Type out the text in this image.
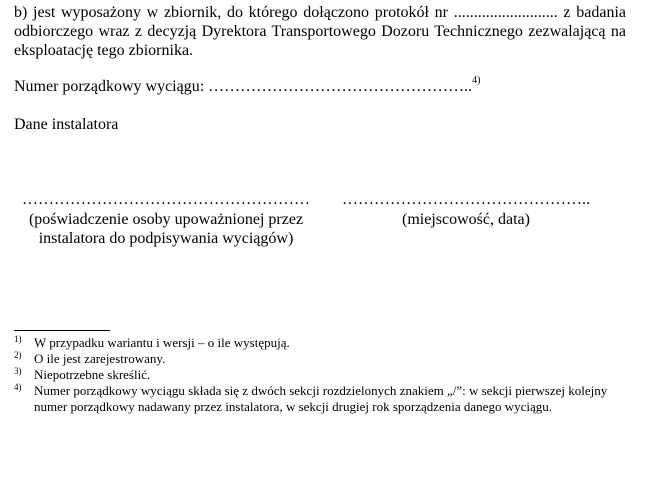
b) jest wyposażony w zbiornik, do którego dołączono protokół nr .......................... z badania odbiorczego wraz z decyzją Dyrektora Transportowego Dozoru Technicznego zezwalającą na eksploatację tego zbiornika.
Numer porządkowy wyciągu: …………………………………………..$^{4)}$
Dane instalatora
………………………………………………
(poświadczenie osoby upoważnionej przez instalatora do podpisywania wyciągów)
………………………………………..
(miejscowość, data)
1) W przypadku wariantu i wersji – o ile występują.
2) O ile jest zarejestrowany.
3) Niepotrzebne skreślić.
4) Numer porządkowy wyciągu składa się z dwóch sekcji rozdzielonych znakiem „/”: w sekcji pierwszej kolejny numer porządkowy nadawany przez instalatora, w sekcji drugiej rok sporządzenia danego wyciągu.
